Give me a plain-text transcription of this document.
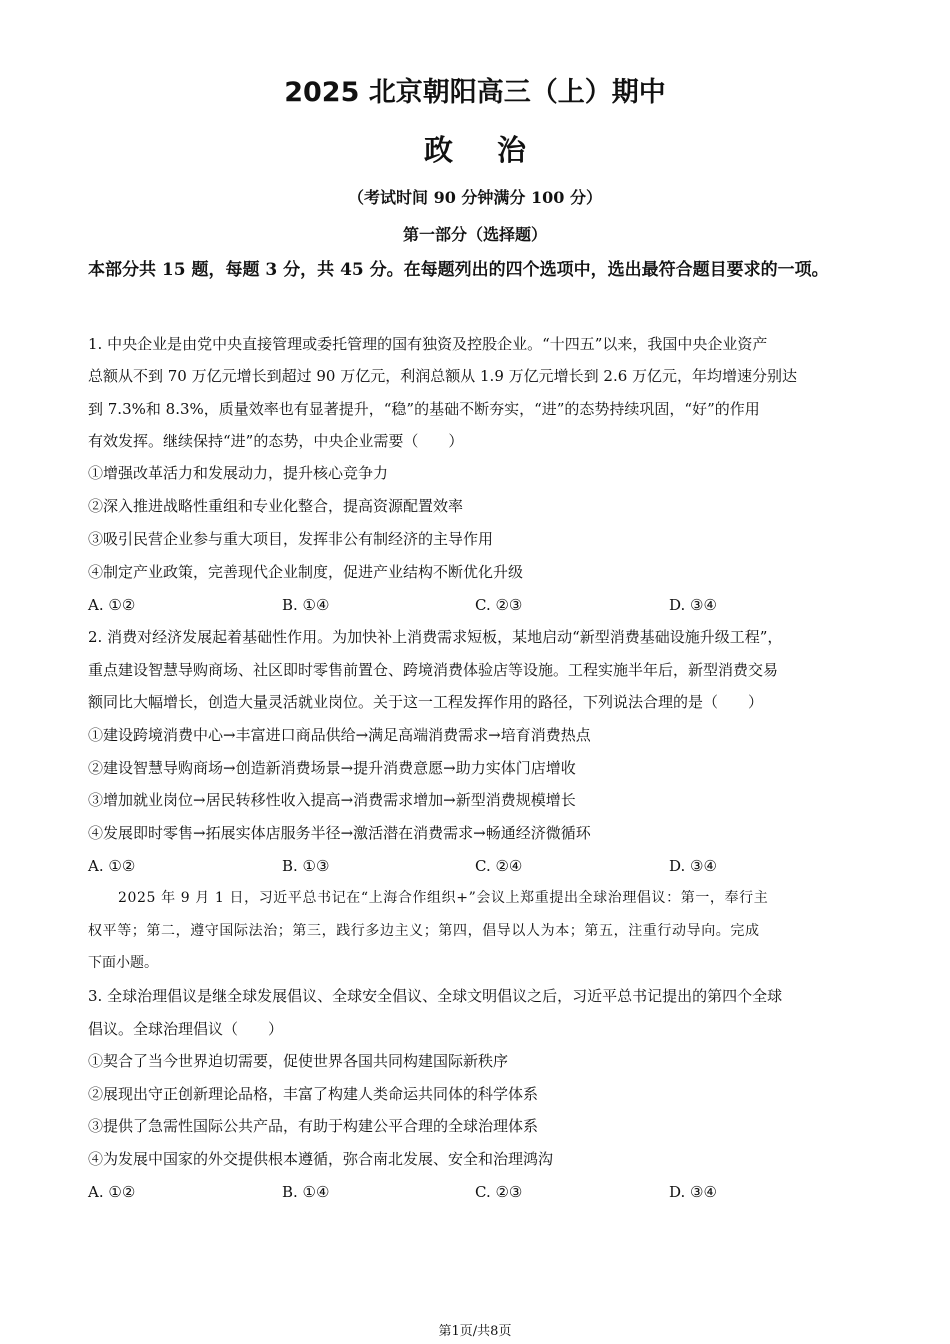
2025 北京朝阳高三（上）期中
政治
（考试时间 90 分钟满分 100 分）
第一部分（选择题）
本部分共 15 题，每题 3 分，共 45 分。在每题列出的四个选项中，选出最符合题目要求的一项。
1. 中央企业是由党中央直接管理或委托管理的国有独资及控股企业。“十四五”以来，我国中央企业资产
总额从不到 70 万亿元增长到超过 90 万亿元，利润总额从 1.9 万亿元增长到 2.6 万亿元，年均增速分别达
到 7.3%和 8.3%，质量效率也有显著提升，“稳”的基础不断夯实，“进”的态势持续巩固，“好”的作用
有效发挥。继续保持“进”的态势，中央企业需要（　　）
①增强改革活力和发展动力，提升核心竞争力
②深入推进战略性重组和专业化整合，提高资源配置效率
③吸引民营企业参与重大项目，发挥非公有制经济的主导作用
④制定产业政策，完善现代企业制度，促进产业结构不断优化升级
A. ①②	B. ①④	C. ②③	D. ③④
2. 消费对经济发展起着基础性作用。为加快补上消费需求短板，某地启动“新型消费基础设施升级工程”，
重点建设智慧导购商场、社区即时零售前置仓、跨境消费体验店等设施。工程实施半年后，新型消费交易
额同比大幅增长，创造大量灵活就业岗位。关于这一工程发挥作用的路径，下列说法合理的是（　　）
①建设跨境消费中心→丰富进口商品供给→满足高端消费需求→培育消费热点
②建设智慧导购商场→创造新消费场景→提升消费意愿→助力实体门店增收
③增加就业岗位→居民转移性收入提高→消费需求增加→新型消费规模增长
④发展即时零售→拓展实体店服务半径→激活潜在消费需求→畅通经济微循环
A. ①②	B. ①③	C. ②④	D. ③④
2025 年 9 月 1 日，习近平总书记在“上海合作组织+”会议上郑重提出全球治理倡议：第一，奉行主
权平等；第二，遵守国际法治；第三，践行多边主义；第四，倡导以人为本；第五，注重行动导向。完成
下面小题。
3. 全球治理倡议是继全球发展倡议、全球安全倡议、全球文明倡议之后，习近平总书记提出的第四个全球
倡议。全球治理倡议（　　）
①契合了当今世界迫切需要，促使世界各国共同构建国际新秩序
②展现出守正创新理论品格，丰富了构建人类命运共同体的科学体系
③提供了急需性国际公共产品，有助于构建公平合理的全球治理体系
④为发展中国家的外交提供根本遵循，弥合南北发展、安全和治理鸿沟
A. ①②	B. ①④	C. ②③	D. ③④
第1页/共8页
